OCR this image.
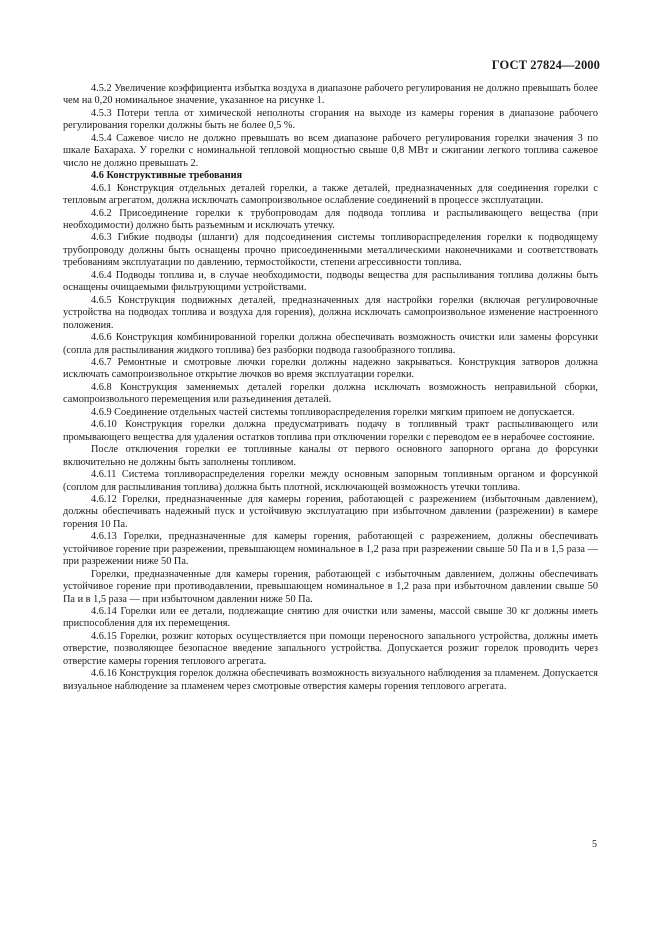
ГОСТ 27824—2000

4.5.2 Увеличение коэффициента избытка воздуха в диапазоне рабочего регулирования не должно превышать более чем на 0,20 номинальное значение, указанное на рисунке 1.

4.5.3 Потери тепла от химической неполноты сгорания на выходе из камеры горения в диапазоне рабочего регулирования горелки должны быть не более 0,5 %.

4.5.4 Сажевое число не должно превышать во всем диапазоне рабочего регулирования горелки значения 3 по шкале Бахараха. У горелки с номинальной тепловой мощностью свыше 0,8 МВт и сжигании легкого топлива сажевое число не должно превышать 2.

4.6 Конструктивные требования

4.6.1 Конструкция отдельных деталей горелки, а также деталей, предназначенных для соединения горелки с тепловым агрегатом, должна исключать самопроизвольное ослабление соединений в процессе эксплуатации.

4.6.2 Присоединение горелки к трубопроводам для подвода топлива и распыливающего вещества (при необходимости) должно быть разъемным и исключать утечку.

4.6.3 Гибкие подводы (шланги) для подсоединения системы топливораспределения горелки к подводящему трубопроводу должны быть оснащены прочно присоединенными металлическими наконечниками и соответствовать требованиям эксплуатации по давлению, термостойкости, степени агрессивности топлива.

4.6.4 Подводы топлива и, в случае необходимости, подводы вещества для распыливания топлива должны быть оснащены очищаемыми фильтрующими устройствами.

4.6.5 Конструкция подвижных деталей, предназначенных для настройки горелки (включая регулировочные устройства на подводах топлива и воздуха для горения), должна исключать самопроизвольное изменение настроенного положения.

4.6.6 Конструкция комбинированной горелки должна обеспечивать возможность очистки или замены форсунки (сопла для распыливания жидкого топлива) без разборки подвода газообразного топлива.

4.6.7 Ремонтные и смотровые лючки горелки должны надежно закрываться. Конструкция затворов должна исключать самопроизвольное открытие лючков во время эксплуатации горелки.

4.6.8 Конструкция заменяемых деталей горелки должна исключать возможность неправильной сборки, самопроизвольного перемещения или разъединения деталей.

4.6.9 Соединение отдельных частей системы топливораспределения горелки мягким припоем не допускается.

4.6.10 Конструкция горелки должна предусматривать подачу в топливный тракт распыливающего или промывающего вещества для удаления остатков топлива при отключении горелки с переводом ее в нерабочее состояние.

После отключения горелки ее топливные каналы от первого основного запорного органа до форсунки включительно не должны быть заполнены топливом.

4.6.11 Система топливораспределения горелки между основным запорным топливным органом и форсункой (соплом для распыливания топлива) должна быть плотной, исключающей возможность утечки топлива.

4.6.12 Горелки, предназначенные для камеры горения, работающей с разрежением (избыточным давлением), должны обеспечивать надежный пуск и устойчивую эксплуатацию при избыточном давлении (разрежении) в камере горения 10 Па.

4.6.13 Горелки, предназначенные для камеры горения, работающей с разрежением, должны обеспечивать устойчивое горение при разрежении, превышающем номинальное в 1,2 раза при разрежении свыше 50 Па и в 1,5 раза — при разрежении ниже 50 Па.

Горелки, предназначенные для камеры горения, работающей с избыточным давлением, должны обеспечивать устойчивое горение при противодавлении, превышающем номинальное в 1,2 раза при избыточном давлении свыше 50 Па и в 1,5 раза — при избыточном давлении ниже 50 Па.

4.6.14 Горелки или ее детали, подлежащие снятию для очистки или замены, массой свыше 30 кг должны иметь приспособления для их перемещения.

4.6.15 Горелки, розжиг которых осуществляется при помощи переносного запального устройства, должны иметь отверстие, позволяющее безопасное введение запального устройства. Допускается розжиг горелок проводить через отверстие камеры горения теплового агрегата.

4.6.16 Конструкция горелок должна обеспечивать возможность визуального наблюдения за пламенем. Допускается визуальное наблюдение за пламенем через смотровые отверстия камеры горения теплового агрегата.

5
